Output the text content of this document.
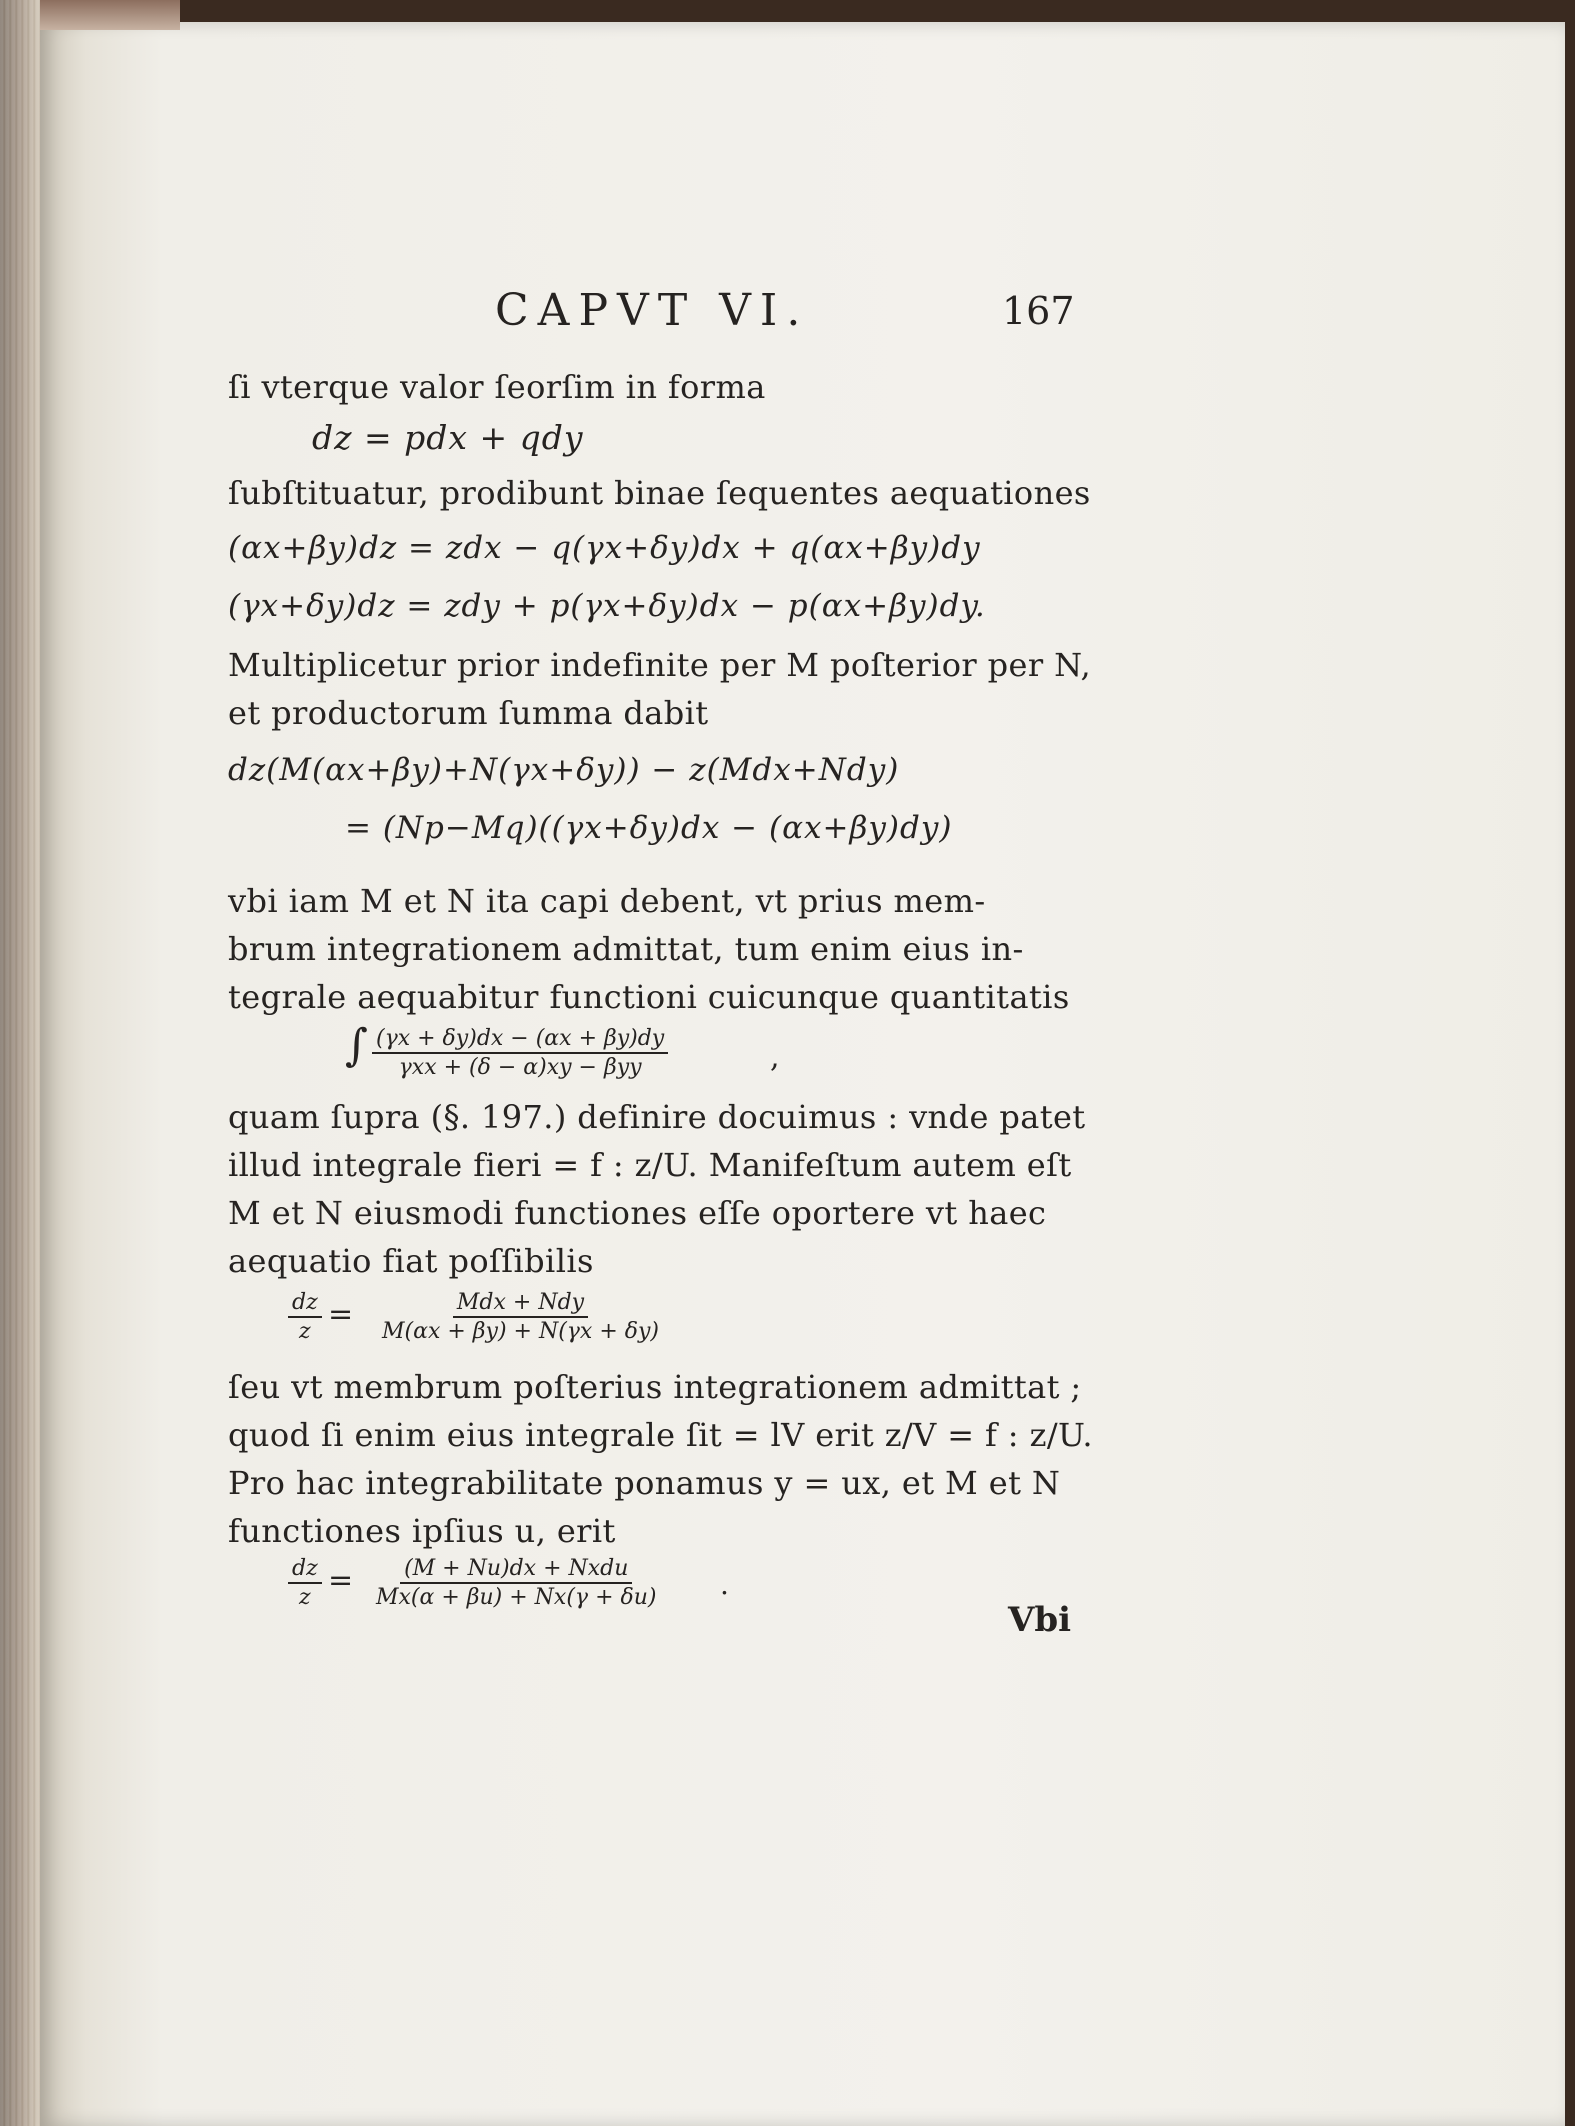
CAPVT VI.	167
ſi vterque valor ſeorſim in forma
dz = pdx + qdy
ſubſtituatur, prodibunt binae ſequentes aequationes
(αx+βy)dz = zdx − q(γx+δy)dx + q(αx+βy)dy
(γx+δy)dz = zdy + p(γx+δy)dx − p(αx+βy)dy.
Multiplicetur prior indefinite per M poſterior per N,
et productorum ſumma dabit
dz(M(αx+βy)+N(γx+δy)) − z(Mdx+Ndy)
= (Np−Mq)((γx+δy)dx − (αx+βy)dy)
vbi iam M et N ita capi debent, vt prius mem-
brum integrationem admittat, tum enim eius in-
tegrale aequabitur functioni cuicunque quantitatis
∫ (γx + δy)dx − (αx + βy)dy
γxx + (δ − α)xy − βyy	,
quam ſupra (§. 197.) definire docuimus : vnde patet
illud integrale fieri = f : z/U. Manifeſtum autem eſt
M et N eiusmodi functiones eſſe oportere vt haec
aequatio fiat poſſibilis
$\frac{dz}{z}$ =	Mdx + Ndy
M(αx + βy) + N(γx + δy)
ſeu vt membrum poſterius integrationem admittat ;
quod ſi enim eius integrale ſit = lV erit z/V = f : z/U.
Pro hac integrabilitate ponamus y = ux, et M et N
functiones ipſius u, erit
$\frac{dz}{z} = (M + Nu)dx$ + Nxdu
Mx(α + βu) + Nx(γ + δu) .
Vbi
